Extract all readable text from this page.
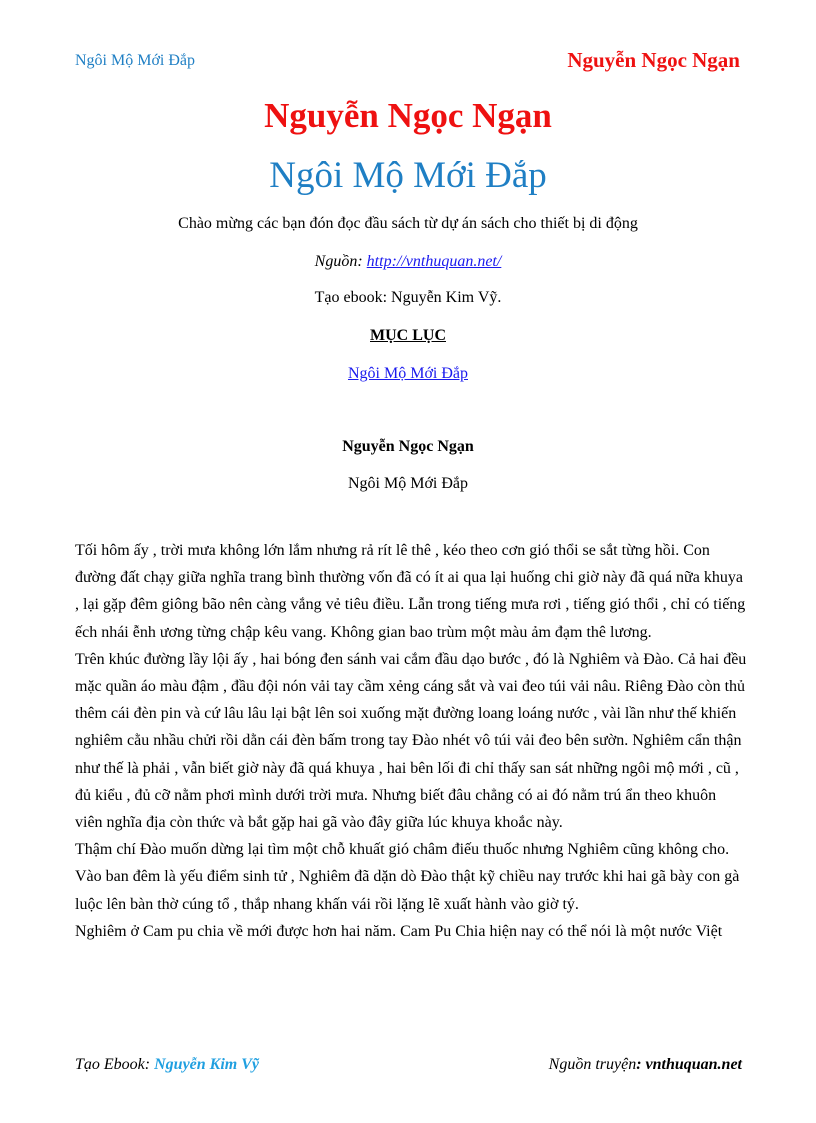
Ngôi Mộ Mới Đắp	Nguyễn Ngọc Ngạn
Nguyễn Ngọc Ngạn
Ngôi Mộ Mới Đắp
Chào mừng các bạn đón đọc đầu sách từ dự án sách cho thiết bị di động
Nguồn: http://vnthuquan.net/
Tạo ebook: Nguyễn Kim Vỹ.
MỤC LỤC
Ngôi Mộ Mới Đắp
Nguyễn Ngọc Ngạn
Ngôi Mộ Mới Đắp

Tối hôm ấy , trời mưa không lớn lắm nhưng rả rít lê thê , kéo theo cơn gió thổi se sắt từng hồi. Con đường đất chạy giữa nghĩa trang bình thường vốn đã có ít ai qua lại huống chi giờ này đã quá nữa khuya , lại gặp đêm giông bão nên càng vắng vẻ tiêu điều. Lẫn trong tiếng mưa rơi , tiếng gió thổi , chỉ có tiếng ếch nhái ễnh ương từng chập kêu vang. Không gian bao trùm một màu ảm đạm thê lương.

Trên khúc đường lầy lội ấy , hai bóng đen sánh vai cắm đầu dạo bước , đó là Nghiêm và Đào. Cả hai đều mặc quần áo màu đậm , đầu đội nón vải tay cầm xẻng cáng sắt và vai đeo túi vải nâu. Riêng Đào còn thủ thêm cái đèn pin và cứ lâu lâu lại bật lên soi xuống mặt đường loang loáng nước , vài lần như thế khiến nghiêm cằu nhầu chửi rồi dằn cái đèn bấm trong tay Đào nhét vô túi vải đeo bên sườn. Nghiêm cẩn thận như thế là phải , vẫn biết giờ này đã quá khuya , hai bên lối đi chỉ thấy san sát những ngôi mộ mới , cũ , đủ kiểu , đủ cỡ nằm phơi mình dưới trời mưa. Nhưng biết đâu chẳng có ai đó nằm trú ẩn theo khuôn viên nghĩa địa còn thức và bắt gặp hai gã vào đây giữa lúc khuya khoắc này.

Thậm chí Đào muốn dừng lại tìm một chỗ khuất gió châm điếu thuốc nhưng Nghiêm cũng không cho. Vào ban đêm là yếu điểm sinh tử , Nghiêm đã dặn dò Đào thật kỹ chiều nay trước khi hai gã bày con gà luộc lên bàn thờ cúng tổ , thắp nhang khấn vái rồi lặng lẽ xuất hành vào giờ tý.

Nghiêm ở Cam pu chia về mới được hơn hai năm. Cam Pu Chia hiện nay có thể nói là một nước Việt

Tạo Ebook: Nguyễn Kim Vỹ	Nguồn truyện: vnthuquan.net
